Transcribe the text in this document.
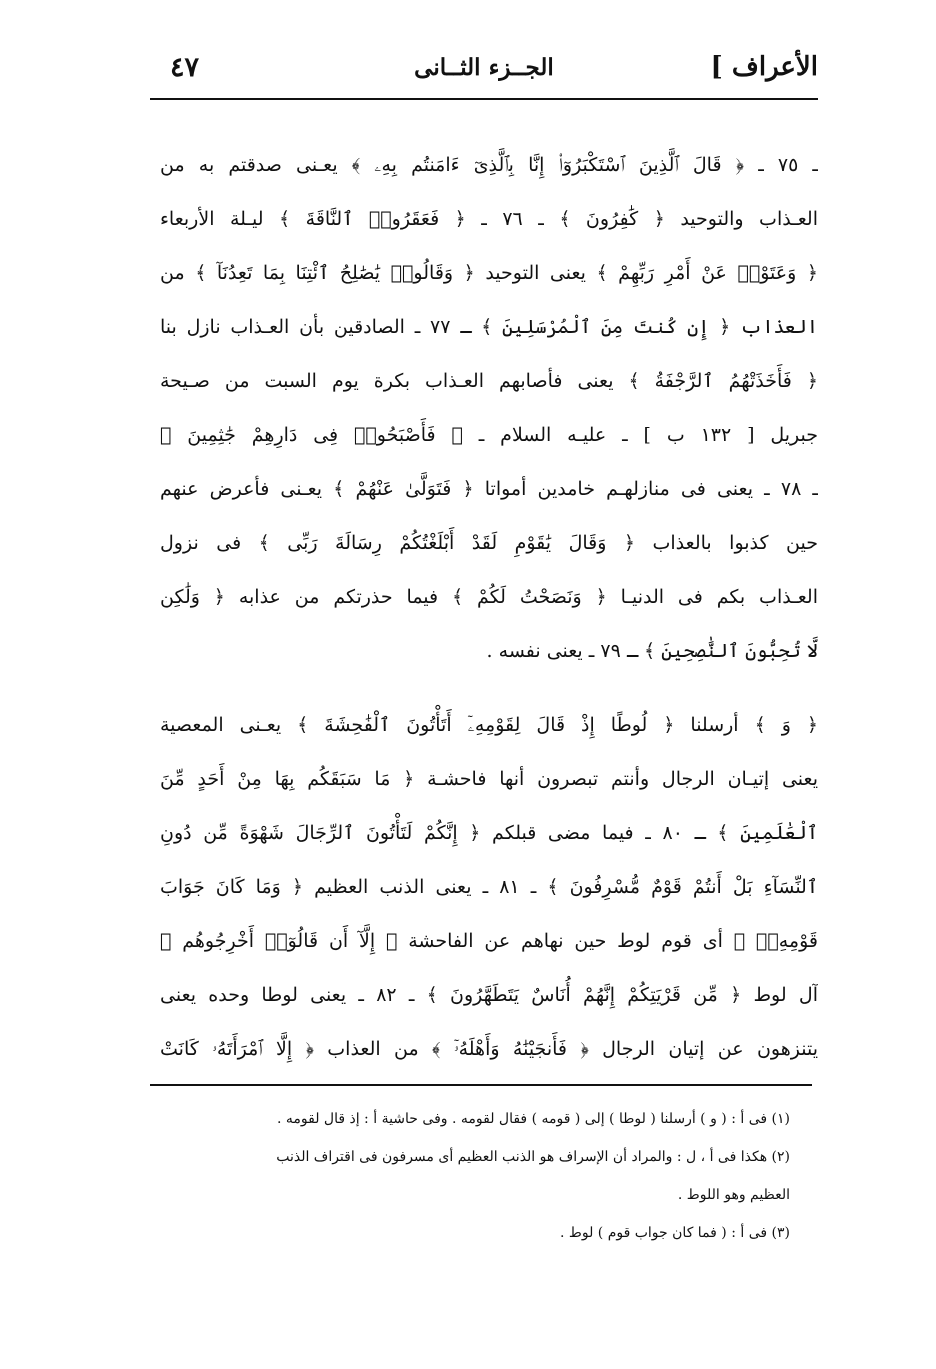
الأعراف ]
الجــزء الثــانى
٤٧
ـ ٧٥ ـ ﴿ قَالَ ٱلَّذِينَ ٱسْتَكْبَرُوٓا۟ إِنَّا بِٱلَّذِىٓ ءَامَنتُم بِهِۦ ﴾ يعـنى صدقتم به من
العـذاب والتوحيد ﴿ كَٰفِرُونَ ﴾ ـ ٧٦ ـ ﴿ فَعَقَرُوا۟ ٱلنَّاقَةَ ﴾ ليـلة الأربعاء
﴿ وَعَتَوْا۟ عَنْ أَمْرِ رَبِّهِمْ ﴾ يعنى التوحيد ﴿ وَقَالُوا۟ يَٰصَٰلِحُ ٱئْتِنَا بِمَا تَعِدُنَآ ﴾ من
العذاب ﴿ إِن كُنتَ مِنَ ٱلْمُرْسَلِينَ ﴾ ـ ٧٧ ـ الصادقين بأن العـذاب نازل بنا
﴿ فَأَخَذَتْهُمُ ٱلرَّجْفَةُ ﴾ يعنى فأصابهم العـذاب بكرة يوم السبت من صـيحة
جبريل [ ١٣٢ ب ] ـ عليـه السلام ـ ﴿ فَأَصْبَحُوا۟ فِى دَارِهِمْ جَٰثِمِينَ ﴾
ـ ٧٨ ـ يعنى فى منازلهـم خامدين أمواتا ﴿ فَتَوَلَّىٰ عَنْهُمْ ﴾ يعـنى فأعرض عنهم
حين كذبوا بالعذاب ﴿ وَقَالَ يَٰقَوْمِ لَقَدْ أَبْلَغْتُكُمْ رِسَالَةَ رَبِّى ﴾ فى نزول
العـذاب بكم فى الدنيـا ﴿ وَنَصَحْتُ لَكُمْ ﴾ فيما حذرتكم من عذابه ﴿ وَلَٰكِن
لَّا تُحِبُّونَ ٱلنَّٰصِحِينَ ﴾ ـ ٧٩ ـ يعنى نفسه .
﴿ وَ ﴾ أرسلنا ﴿ لُوطًا إِذْ قَالَ لِقَوْمِهِۦٓ أَتَأْتُونَ ٱلْفَٰحِشَةَ ﴾ يعـنى المعصية
يعنى إتيـان الرجال وأنتم تبصرون أنها فاحشـة ﴿ مَا سَبَقَكُم بِهَا مِنْ أَحَدٍ مِّنَ
ٱلْعَٰلَمِينَ ﴾ ـ ٨٠ ـ فيما مضى قبلكم ﴿ إِنَّكُمْ لَتَأْتُونَ ٱلرِّجَالَ شَهْوَةً مِّن دُونِ
ٱلنِّسَآءِ بَلْ أَنتُمْ قَوْمٌ مُّسْرِفُونَ ﴾ ـ ٨١ ـ يعنى الذنب العظيم ﴿ وَمَا كَانَ جَوَابَ
قَوْمِهِۦٓ ﴾ أى قوم لوط حين نهاهم عن الفاحشة ﴿ إِلَّآ أَن قَالُوٓا۟ أَخْرِجُوهُم ﴾
آل لوط ﴿ مِّن قَرْيَتِكُمْ إِنَّهُمْ أُنَاسٌ يَتَطَهَّرُونَ ﴾ ـ ٨٢ ـ يعنى لوطا وحده يعنى
يتنزهون عن إتيان الرجال ﴿ فَأَنجَيْنَٰهُ وَأَهْلَهُۥٓ ﴾ من العذاب ﴿ إِلَّا ٱمْرَأَتَهُۥ كَانَتْ
(١) فى أ : ( و ) أرسلنا ( لوطا ) إلى ( قومه ) فقال لقومه . وفى حاشية أ : إذ قال لقومه .
(٢) هكذا فى أ ، ل : والمراد أن الإسراف هو الذنب العظيم أى مسرفون فى اقتراف الذنب
العظيم وهو اللوط .
(٣) فى أ : ( فما كان جواب قوم ) لوط .
